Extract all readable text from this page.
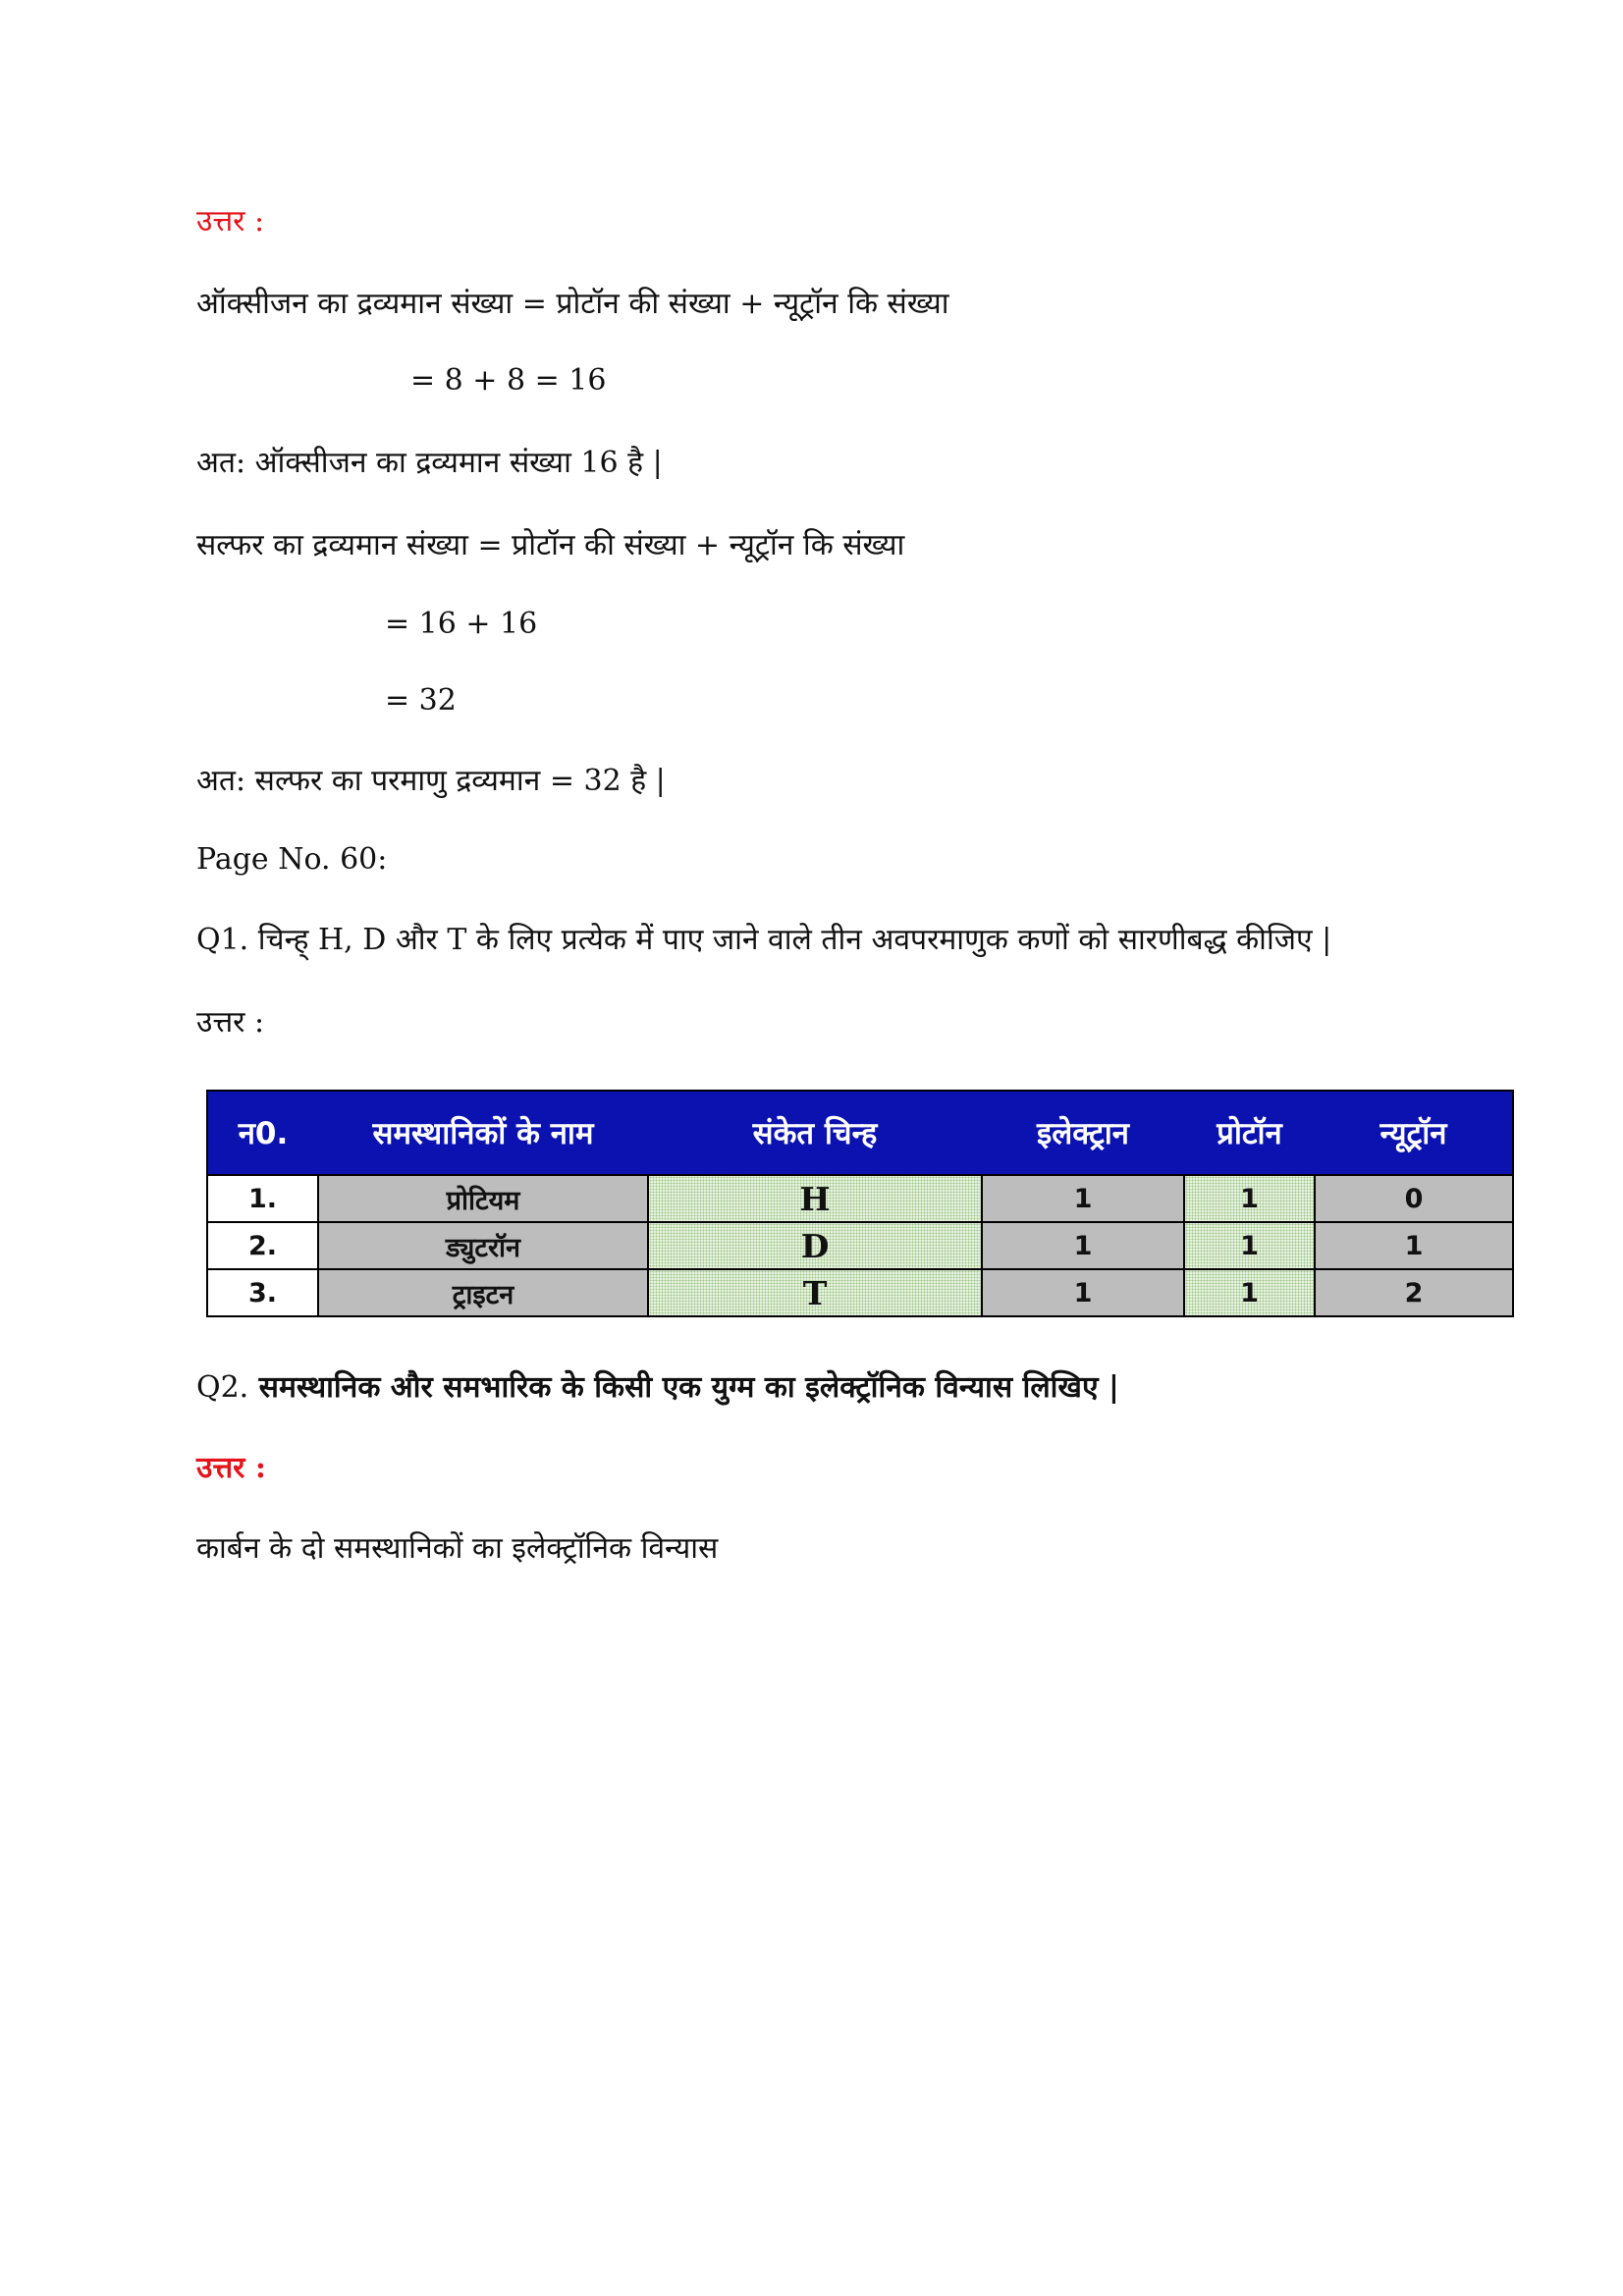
उत्तर :
ऑक्सीजन का द्रव्यमान संख्या = प्रोटॉन की संख्या + न्यूट्रॉन कि संख्या
= 8 + 8 = 16
अत: ऑक्सीजन का द्रव्यमान संख्या 16 है |
सल्फर का द्रव्यमान संख्या = प्रोटॉन की संख्या + न्यूट्रॉन कि संख्या
= 16 + 16
= 32
अत: सल्फर का परमाणु द्रव्यमान = 32 है |
Page No. 60:
Q1. चिन्ह् H, D और T के लिए प्रत्येक में पाए जाने वाले तीन अवपरमाणुक कणों को सारणीबद्ध कीजिए |
उत्तर :
न0.	समस्थानिकों के नाम	संकेत चिन्ह	इलेक्ट्रान	प्रोटॉन	न्यूट्रॉन
1.	प्रोटियम	H	1	1	0
2.	ड्युटरॉन	D	1	1	1
3.	ट्राइटन	T	1	1	2
Q2. समस्थानिक और समभारिक के किसी एक युग्म का इलेक्ट्रॉनिक विन्यास लिखिए |
उत्तर :
कार्बन के दो समस्थानिकों का इलेक्ट्रॉनिक विन्यास
